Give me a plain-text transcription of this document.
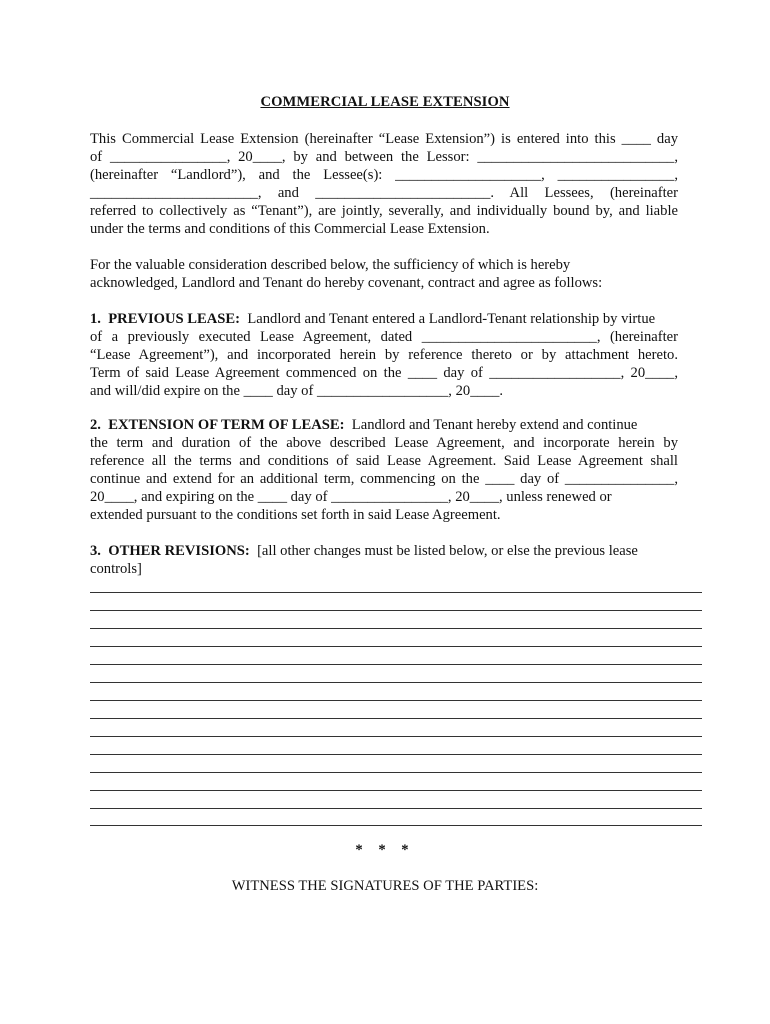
COMMERCIAL LEASE EXTENSION
This Commercial Lease Extension (hereinafter “Lease Extension”) is entered into this ____ day
of ________________, 20____, by and between the Lessor: ___________________________,
(hereinafter “Landlord”), and the Lessee(s): ____________________, ________________,
_______________________, and ________________________. All Lessees, (hereinafter
referred to collectively as “Tenant”), are jointly, severally, and individually bound by, and liable
under the terms and conditions of this Commercial Lease Extension.
For the valuable consideration described below, the sufficiency of which is hereby
acknowledged, Landlord and Tenant do hereby covenant, contract and agree as follows:
1.  PREVIOUS LEASE:  Landlord and Tenant entered a Landlord-Tenant relationship by virtue
of a previously executed Lease Agreement, dated ________________________, (hereinafter
“Lease Agreement”), and incorporated herein by reference thereto or by attachment hereto.
Term of said Lease Agreement commenced on the ____ day of __________________, 20____,
and will/did expire on the ____ day of __________________, 20____.
2.  EXTENSION OF TERM OF LEASE:  Landlord and Tenant hereby extend and continue
the term and duration of the above described Lease Agreement, and incorporate herein by
reference all the terms and conditions of said Lease Agreement. Said Lease Agreement shall
continue and extend for an additional term, commencing on the ____ day of _______________,
20____, and expiring on the ____ day of ________________, 20____, unless renewed or
extended pursuant to the conditions set forth in said Lease Agreement.
3.  OTHER REVISIONS:  [all other changes must be listed below, or else the previous lease
controls]
* * *
WITNESS THE SIGNATURES OF THE PARTIES:
